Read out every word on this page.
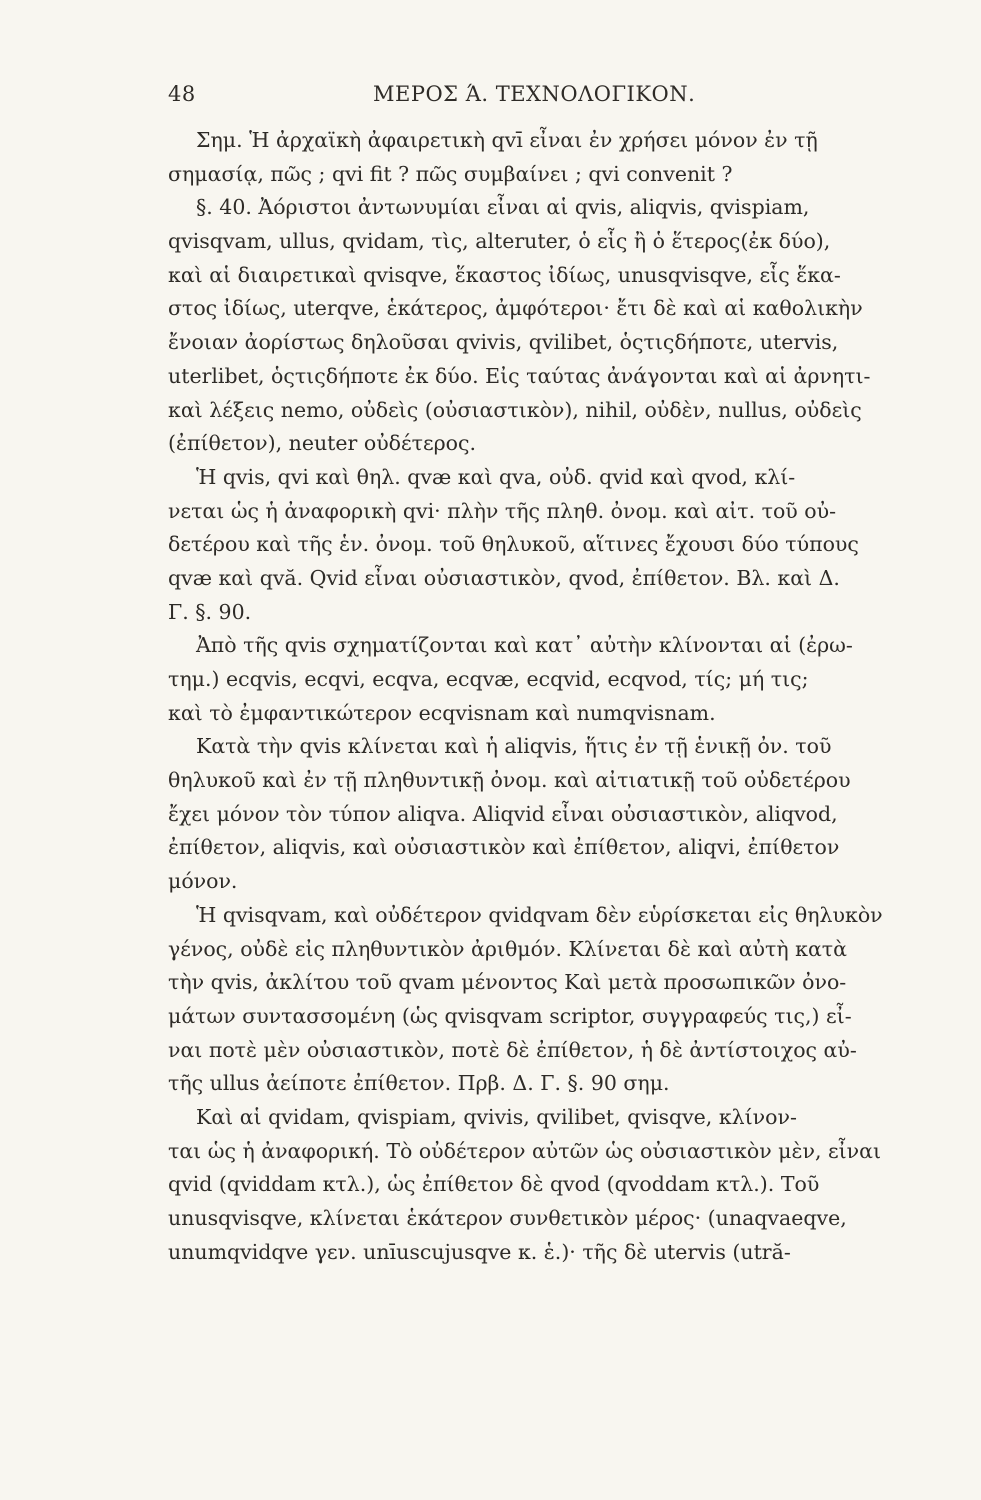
48	ΜΕΡΟΣ Ά. ΤΕΧΝΟΛΟΓΙΚΟΝ.
Σημ. Ἡ ἀρχαϊκὴ ἀφαιρετικὴ qvī εἶναι ἐν χρήσει μόνον ἐν τῇ
σημασίᾳ, πῶς ; qvi fit ? πῶς συμβαίνει ; qvi convenit ?
§. 40. Ἀόριστοι ἀντωνυμίαι εἶναι αἱ qvis, aliqvis, qvispiam,
qvisqvam, ullus, qvidam, τὶς, alteruter, ὁ εἷς ἢ ὁ ἕτερος(ἐκ δύο),
καὶ αἱ διαιρετικαὶ qvisqve, ἕκαστος ἰδίως, unusqvisqve, εἷς ἕκα-
στος ἰδίως, uterqve, ἑκάτερος, ἀμφότεροι· ἔτι δὲ καὶ αἱ καθολικὴν
ἔνοιαν ἀορίστως δηλοῦσαι qvivis, qvilibet, ὁςτιςδήποτε, utervis,
uterlibet, ὁςτιςδήποτε ἐκ δύο. Εἰς ταύτας ἀνάγονται καὶ αἱ ἀρνητι-
καὶ λέξεις nemo, οὐδεὶς (οὐσιαστικὸν), nihil, οὐδὲν, nullus, οὐδεὶς
(ἐπίθετον), neuter οὐδέτερος.
Ἡ qvis, qvi καὶ θηλ. qvæ καὶ qva, οὐδ. qvid καὶ qvod, κλί-
νεται ὡς ἡ ἀναφορικὴ qvi· πλὴν τῆς πληθ. ὀνομ. καὶ αἰτ. τοῦ οὐ-
δετέρου καὶ τῆς ἑν. ὀνομ. τοῦ θηλυκοῦ, αἵτινες ἔχουσι δύο τύπους
qvæ καὶ qvă. Qvid εἶναι οὐσιαστικὸν, qvod, ἐπίθετον. Βλ. καὶ Δ.
Γ. §. 90.
Ἀπὸ τῆς qvis σχηματίζονται καὶ κατ᾽ αὐτὴν κλίνονται αἱ (ἐρω-
τημ.) ecqvis, ecqvi, ecqva, ecqvæ, ecqvid, ecqvod, τίς; μή τις;
καὶ τὸ ἐμφαντικώτερον ecqvisnam καὶ numqvisnam.
Κατὰ τὴν qvis κλίνεται καὶ ἡ aliqvis, ἥτις ἐν τῇ ἑνικῇ ὀν. τοῦ
θηλυκοῦ καὶ ἐν τῇ πληθυντικῇ ὀνομ. καὶ αἰτιατικῇ τοῦ οὐδετέρου
ἔχει μόνον τὸν τύπον aliqva. Aliqvid εἶναι οὐσιαστικὸν, aliqvod,
ἐπίθετον, aliqvis, καὶ οὐσιαστικὸν καὶ ἐπίθετον, aliqvi, ἐπίθετον
μόνον.
Ἡ qvisqvam, καὶ οὐδέτερον qvidqvam δὲν εὑρίσκεται εἰς θηλυκὸν
γένος, οὐδὲ εἰς πληθυντικὸν ἀριθμόν. Κλίνεται δὲ καὶ αὐτὴ κατὰ
τὴν qvis, ἀκλίτου τοῦ qvam μένοντος Καὶ μετὰ προσωπικῶν ὀνο-
μάτων συντασσομένη (ὡς qvisqvam scriptor, συγγραφεύς τις,) εἶ-
ναι ποτὲ μὲν οὐσιαστικὸν, ποτὲ δὲ ἐπίθετον, ἡ δὲ ἀντίστοιχος αὐ-
τῆς ullus ἀείποτε ἐπίθετον. Πρβ. Δ. Γ. §. 90 σημ.
Καὶ αἱ qvidam, qvispiam, qvivis, qvilibet, qvisqve, κλίνον-
ται ὡς ἡ ἀναφορική. Τὸ οὐδέτερον αὐτῶν ὡς οὐσιαστικὸν μὲν, εἶναι
qvid (qviddam κτλ.), ὡς ἐπίθετον δὲ qvod (qvoddam κτλ.). Τοῦ
unusqvisqve, κλίνεται ἑκάτερον συνθετικὸν μέρος· (unaqvaeqve,
unumqvidqve γεν. unīuscujusqve κ. ἑ.)· τῆς δὲ utervis (utră-
